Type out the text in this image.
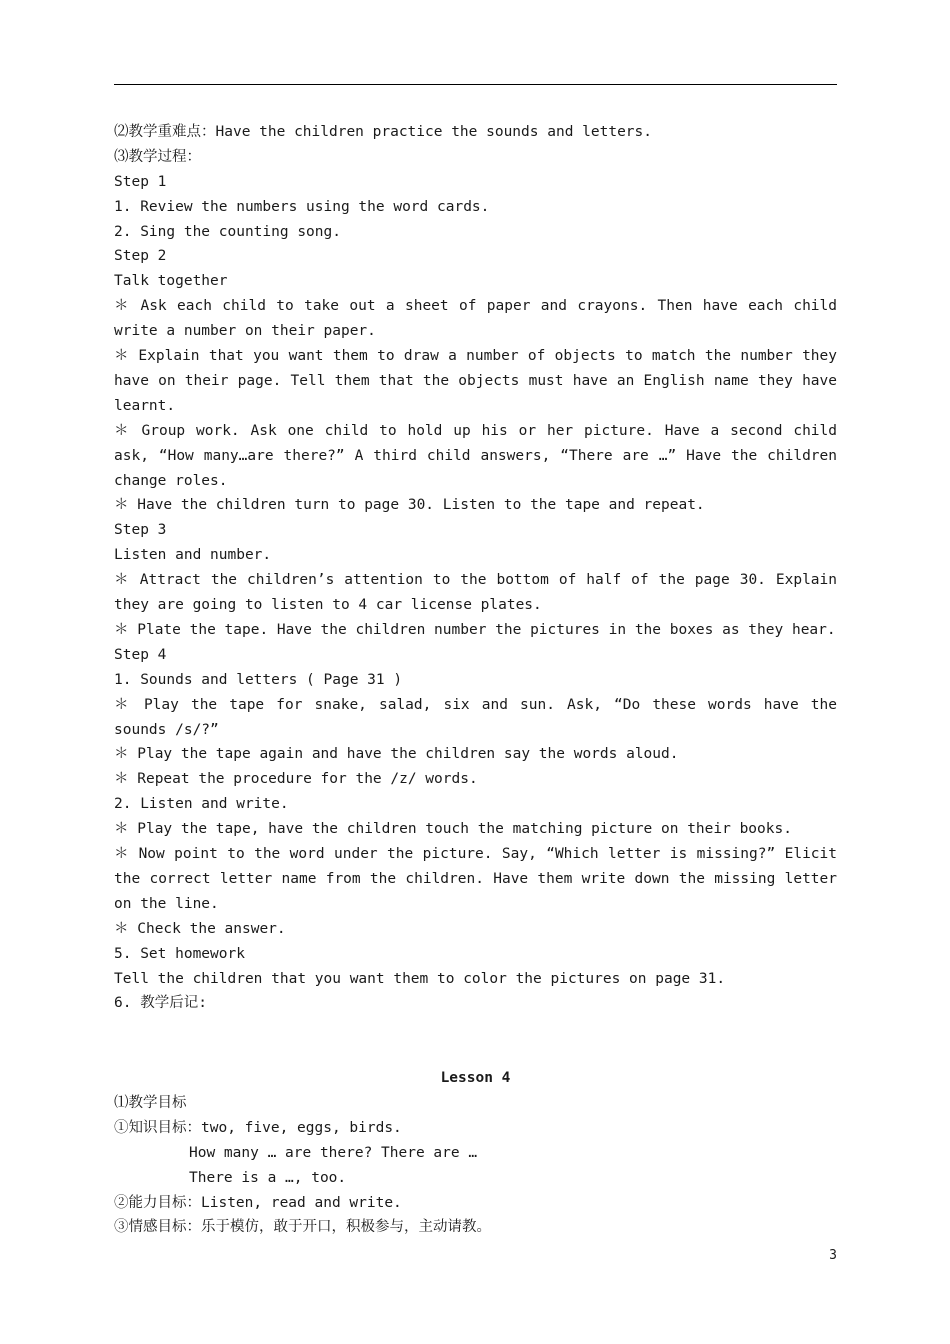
⑵教学重难点：Have the children practice the sounds and letters.
⑶教学过程：
Step 1
1. Review the numbers using the word cards.
2. Sing the counting song.
Step 2
Talk together
＊ Ask each child to take out a sheet of paper and crayons. Then have each child write a number on their paper.
＊ Explain that you want them to draw a number of objects to match the number they have on their page. Tell them that the objects must have an English name they have learnt.
＊ Group work. Ask one child to hold up his or her picture. Have a second child ask, “How many…are there?” A third child answers, “There are …” Have the children change roles.
＊ Have the children turn to page 30. Listen to the tape and repeat.
Step 3
Listen and number.
＊ Attract the children’s attention to the bottom of half of the page 30. Explain they are going to listen to 4 car license plates.
＊ Plate the tape. Have the children number the pictures in the boxes as they hear.
Step 4
1. Sounds and letters ( Page 31 )
＊ Play the tape for snake, salad, six and sun. Ask, “Do these words have the sounds /s/?”
＊ Play the tape again and have the children say the words aloud.
＊ Repeat the procedure for the /z/ words.
2. Listen and write.
＊ Play the tape, have the children touch the matching picture on their books.
＊ Now point to the word under the picture. Say, “Which letter is missing?” Elicit the correct letter name from the children. Have them write down the missing letter on the line.
＊ Check the answer.
5. Set homework
Tell the children that you want them to color the pictures on page 31.
6. 教学后记:
Lesson 4
⑴教学目标
①知识目标：two, five, eggs, birds.
How many … are there? There are …
There is a …, too.
②能力目标：Listen, read and write.
③情感目标：乐于模仿，敢于开口，积极参与，主动请教。
3
